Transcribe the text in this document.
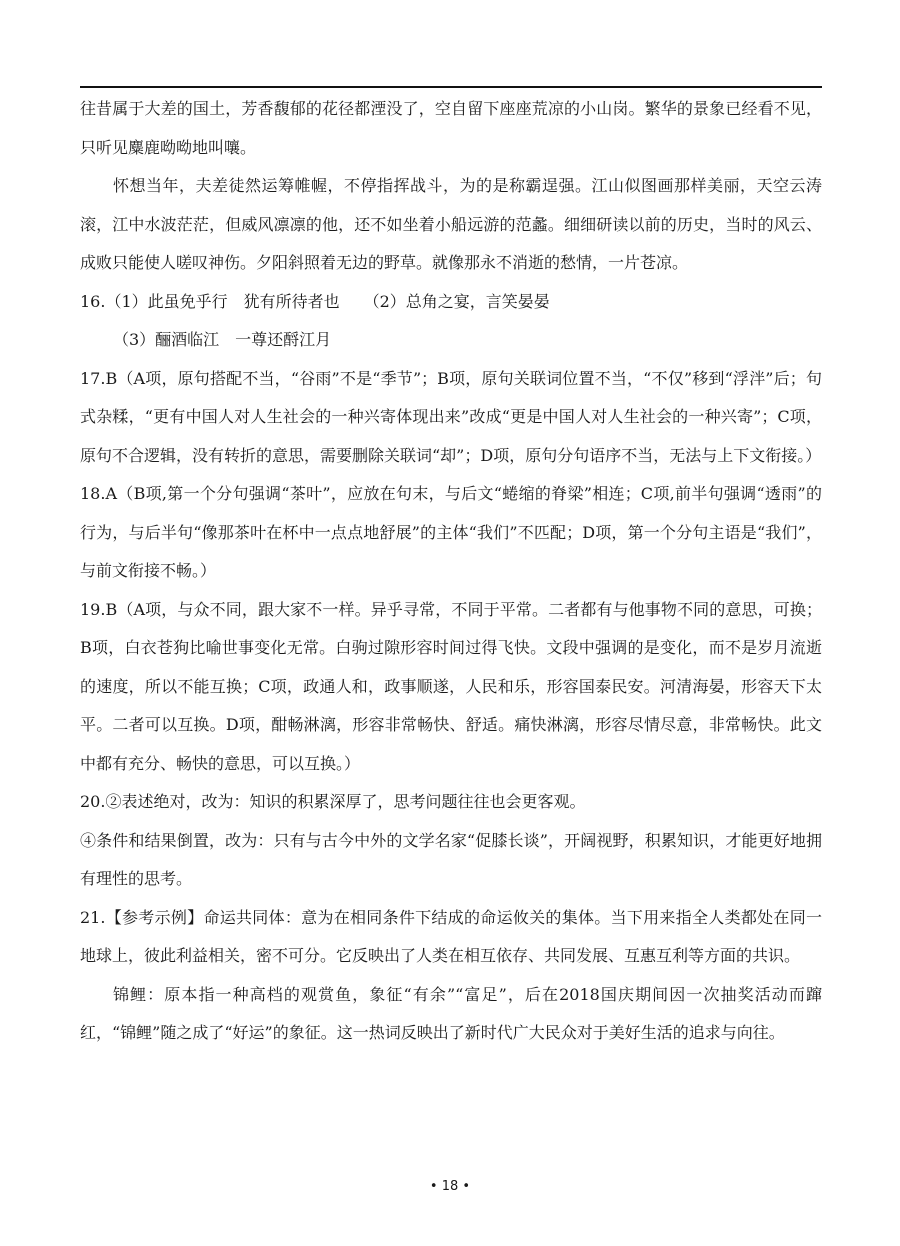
往昔属于大差的国土，芳香馥郁的花径都湮没了，空自留下座座荒凉的小山岗。繁华的景象已经看不见，只听见麋鹿呦呦地叫嚷。

怀想当年，夫差徒然运筹帷幄，不停指挥战斗，为的是称霸逞强。江山似图画那样美丽，天空云涛滚，江中水波茫茫，但威风凛凛的他，还不如坐着小船远游的范蠡。细细研读以前的历史，当时的风云、成败只能使人嗟叹神伤。夕阳斜照着无边的野草。就像那永不消逝的愁情，一片苍凉。

16.（1）此虽免乎行　犹有所待者也　　（2）总角之宴，言笑晏晏

（3）酾酒临江　一尊还酹江月

17.B（A项，原句搭配不当，“谷雨”不是“季节”；B项，原句关联词位置不当，“不仅”移到“浮泮”后；句式杂糅，“更有中国人对人生社会的一种兴寄体现出来”改成“更是中国人对人生社会的一种兴寄”；C项，原句不合逻辑，没有转折的意思，需要删除关联词“却”；D项，原句分句语序不当，无法与上下文衔接。）

18.A（B项,第一个分句强调“茶叶”，应放在句末，与后文“蜷缩的脊梁”相连；C项,前半句强调“透雨”的行为，与后半句“像那茶叶在杯中一点点地舒展”的主体“我们”不匹配；D项，第一个分句主语是“我们”，与前文衔接不畅。）

19.B（A项，与众不同，跟大家不一样。异乎寻常，不同于平常。二者都有与他事物不同的意思，可换；B项，白衣苍狗比喻世事变化无常。白驹过隙形容时间过得飞快。文段中强调的是变化，而不是岁月流逝的速度，所以不能互换；C项，政通人和，政事顺遂，人民和乐，形容国泰民安。河清海晏，形容天下太平。二者可以互换。D项，酣畅淋漓，形容非常畅快、舒适。痛快淋漓，形容尽情尽意，非常畅快。此文中都有充分、畅快的意思，可以互换。）

20.②表述绝对，改为：知识的积累深厚了，思考问题往往也会更客观。

④条件和结果倒置，改为：只有与古今中外的文学名家“促膝长谈”，开阔视野，积累知识，才能更好地拥有理性的思考。

21.【参考示例】命运共同体：意为在相同条件下结成的命运攸关的集体。当下用来指全人类都处在同一地球上，彼此利益相关，密不可分。它反映出了人类在相互依存、共同发展、互惠互利等方面的共识。

锦鲤：原本指一种高档的观赏鱼，象征“有余”“富足”，后在2018国庆期间因一次抽奖活动而蹿红，“锦鲤”随之成了“好运”的象征。这一热词反映出了新时代广大民众对于美好生活的追求与向往。

• 18 •
